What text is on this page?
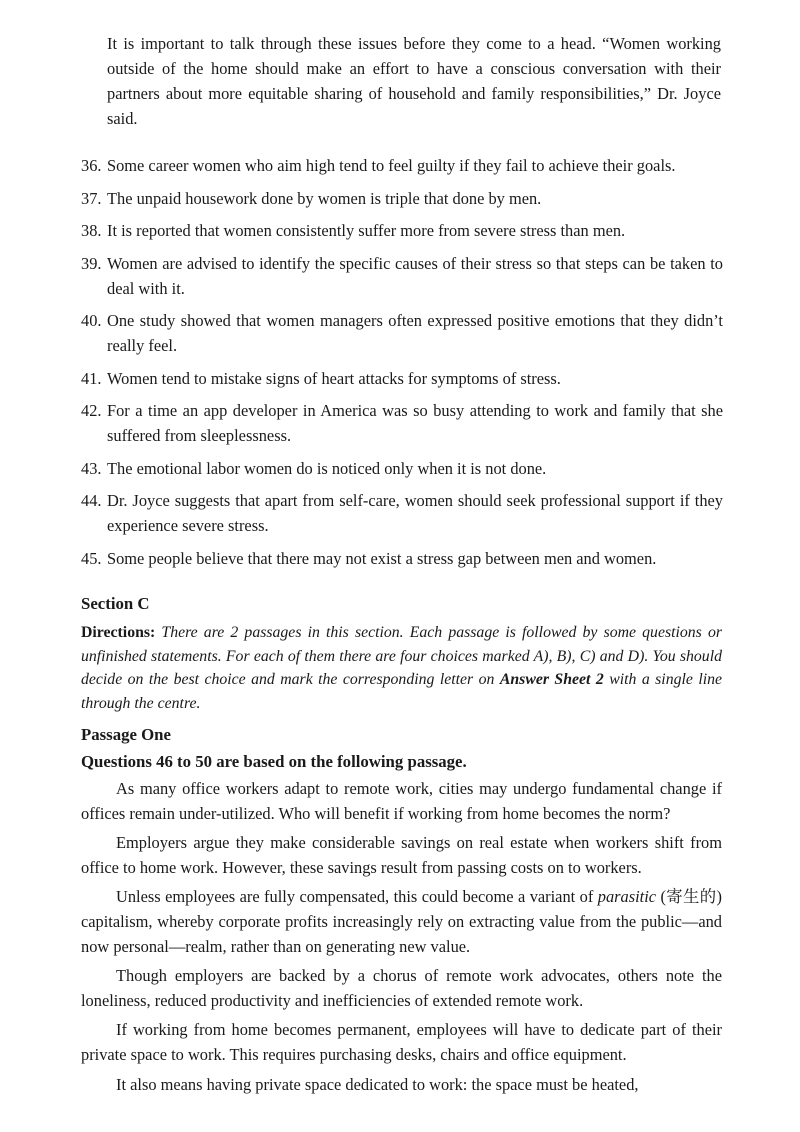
It is important to talk through these issues before they come to a head. “Women working outside of the home should make an effort to have a conscious conversation with their partners about more equitable sharing of household and family responsibilities,” Dr. Joyce said.

36. Some career women who aim high tend to feel guilty if they fail to achieve their goals.

37. The unpaid housework done by women is triple that done by men.

38. It is reported that women consistently suffer more from severe stress than men.

39. Women are advised to identify the specific causes of their stress so that steps can be taken to deal with it.

40. One study showed that women managers often expressed positive emotions that they didn’t really feel.

41. Women tend to mistake signs of heart attacks for symptoms of stress.

42. For a time an app developer in America was so busy attending to work and family that she suffered from sleeplessness.

43. The emotional labor women do is noticed only when it is not done.

44. Dr. Joyce suggests that apart from self-care, women should seek professional support if they experience severe stress.

45. Some people believe that there may not exist a stress gap between men and women.

Section C

Directions: There are 2 passages in this section. Each passage is followed by some questions or unfinished statements. For each of them there are four choices marked A), B), C) and D). You should decide on the best choice and mark the corresponding letter on Answer Sheet 2 with a single line through the centre.

Passage One

Questions 46 to 50 are based on the following passage.

As many office workers adapt to remote work, cities may undergo fundamental change if offices remain under-utilized. Who will benefit if working from home becomes the norm?

Employers argue they make considerable savings on real estate when workers shift from office to home work. However, these savings result from passing costs on to workers.

Unless employees are fully compensated, this could become a variant of parasitic (寄生的) capitalism, whereby corporate profits increasingly rely on extracting value from the public—and now personal—realm, rather than on generating new value.

Though employers are backed by a chorus of remote work advocates, others note the loneliness, reduced productivity and inefficiencies of extended remote work.

If working from home becomes permanent, employees will have to dedicate part of their private space to work. This requires purchasing desks, chairs and office equipment.

It also means having private space dedicated to work: the space must be heated,
